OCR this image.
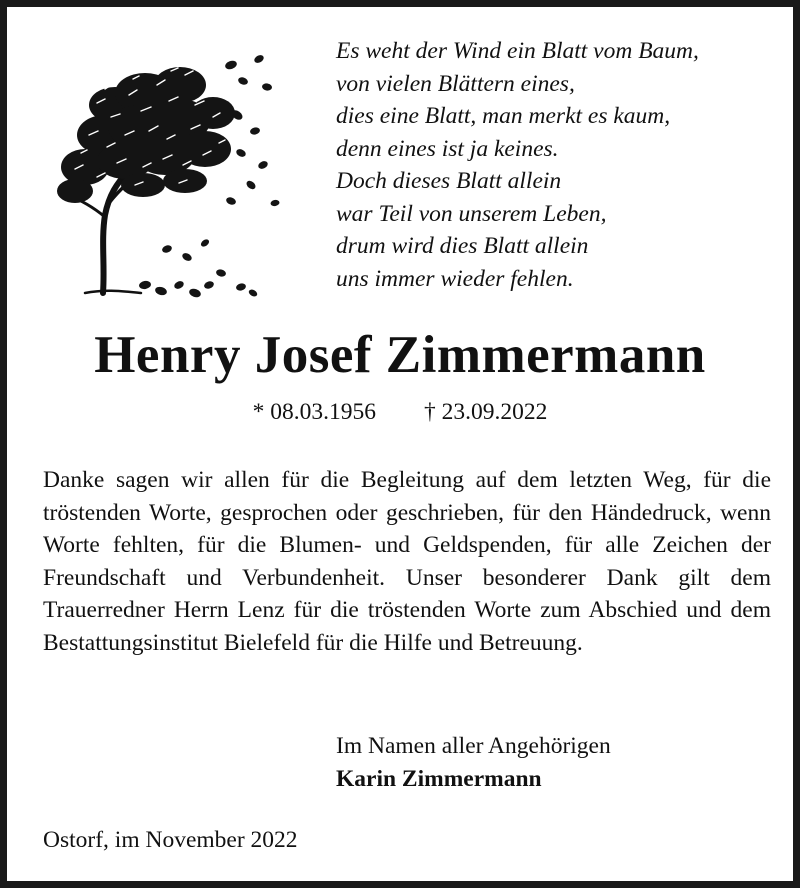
Es weht der Wind ein Blatt vom Baum,
von vielen Blättern eines,
dies eine Blatt, man merkt es kaum,
denn eines ist ja keines.
Doch dieses Blatt allein
war Teil von unserem Leben,
drum wird dies Blatt allein
uns immer wieder fehlen.
Henry Josef Zimmermann
* 08.03.1956 † 23.09.2022
Danke sagen wir allen für die Begleitung auf dem letzten Weg, für die tröstenden Worte, gesprochen oder geschrieben, für den Händedruck, wenn Worte fehlten, für die Blumen- und Geldspenden, für alle Zeichen der Freundschaft und Verbundenheit. Unser besonderer Dank gilt dem Trauerredner Herrn Lenz für die tröstenden Worte zum Abschied und dem Bestattungsinstitut Bielefeld für die Hilfe und Betreuung.
Im Namen aller Angehörigen
Karin Zimmermann
Ostorf, im November 2022
